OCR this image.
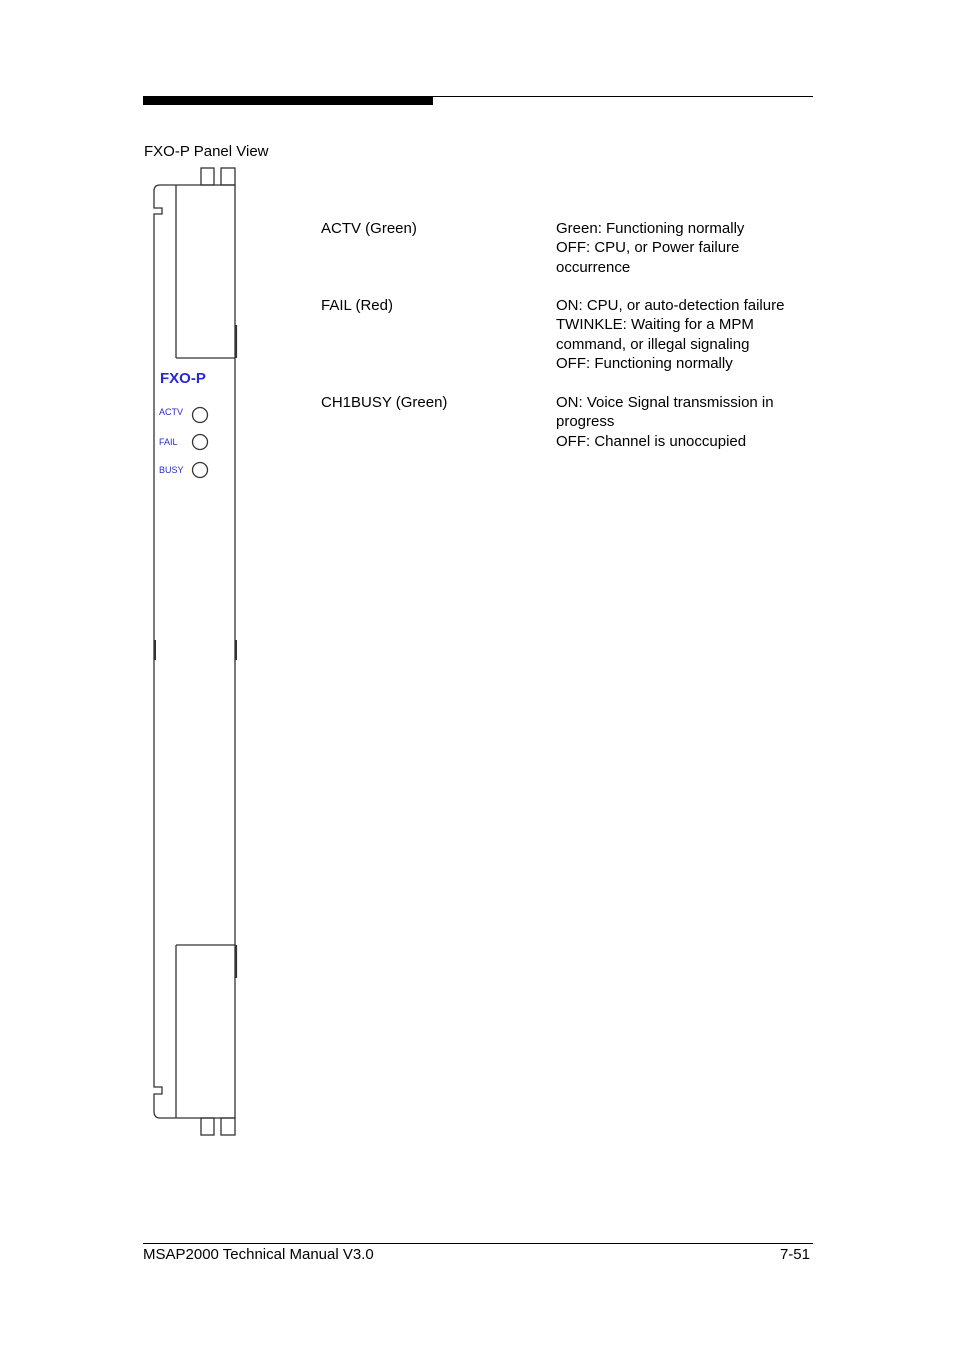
FXO-P Panel View
FXO-P
ACTV
FAIL
BUSY
ACTV (Green)	Green: Functioning normally
OFF: CPU, or Power failure
occurrence
FAIL (Red)	ON: CPU, or auto-detection failure
TWINKLE: Waiting for a MPM
command, or illegal signaling
OFF: Functioning normally
CH1BUSY (Green)	ON: Voice Signal transmission in
progress
OFF: Channel is unoccupied
MSAP2000 Technical Manual V3.0	7-51
